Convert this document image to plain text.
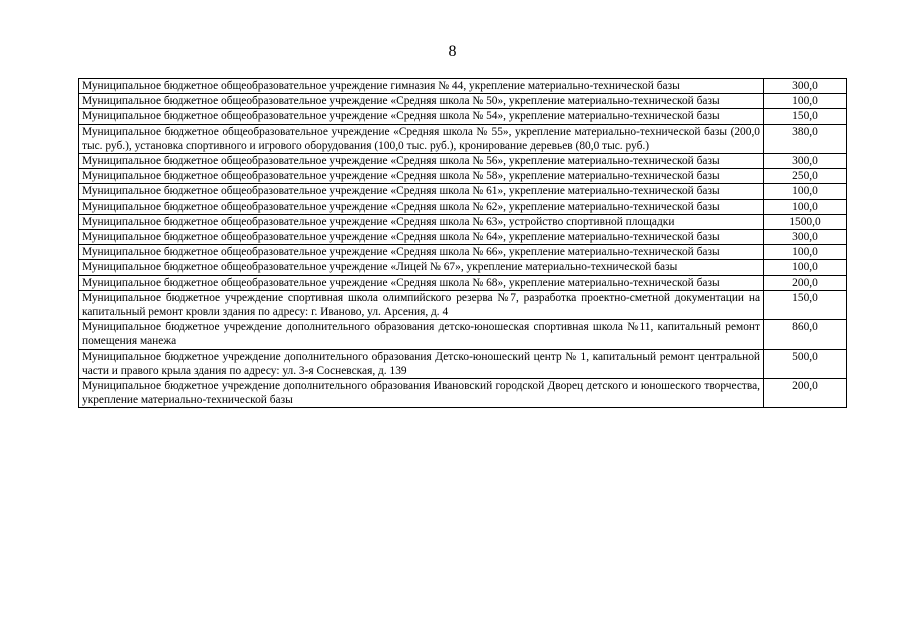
8
Муниципальное бюджетное общеобразовательное учреждение гимназия № 44, укрепление материально-технической базы	300,0
Муниципальное бюджетное общеобразовательное учреждение «Средняя школа № 50», укрепление материально-технической базы	100,0
Муниципальное бюджетное общеобразовательное учреждение «Средняя школа № 54», укрепление материально-технической базы	150,0
Муниципальное бюджетное общеобразовательное учреждение «Средняя школа № 55», укрепление материально-технической базы (200,0 тыс. руб.), установка спортивного и игрового оборудования (100,0 тыс. руб.), кронирование деревьев (80,0 тыс. руб.)	380,0
Муниципальное бюджетное общеобразовательное учреждение «Средняя школа № 56», укрепление материально-технической базы	300,0
Муниципальное бюджетное общеобразовательное учреждение «Средняя школа № 58», укрепление материально-технической базы	250,0
Муниципальное бюджетное общеобразовательное учреждение «Средняя школа № 61», укрепление материально-технической базы	100,0
Муниципальное бюджетное общеобразовательное учреждение «Средняя школа № 62», укрепление материально-технической базы	100,0
Муниципальное бюджетное общеобразовательное учреждение «Средняя школа № 63», устройство спортивной площадки	1500,0
Муниципальное бюджетное общеобразовательное учреждение «Средняя школа № 64», укрепление материально-технической базы	300,0
Муниципальное бюджетное общеобразовательное учреждение «Средняя школа № 66», укрепление материально-технической базы	100,0
Муниципальное бюджетное общеобразовательное учреждение «Лицей № 67», укрепление материально-технической базы	100,0
Муниципальное бюджетное общеобразовательное учреждение «Средняя школа № 68», укрепление материально-технической базы	200,0
Муниципальное бюджетное учреждение спортивная школа олимпийского резерва №7, разработка проектно-сметной документации на капитальный ремонт кровли здания по адресу: г. Иваново, ул. Арсения, д. 4	150,0
Муниципальное бюджетное учреждение дополнительного образования детско-юношеская спортивная школа №11, капитальный ремонт помещения манежа	860,0
Муниципальное бюджетное учреждение дополнительного образования Детско-юношеский центр № 1, капитальный ремонт центральной части и правого крыла здания по адресу: ул. 3-я Сосневская, д. 139	500,0
Муниципальное бюджетное учреждение дополнительного образования Ивановский городской Дворец детского и юношеского творчества, укрепление материально-технической базы	200,0
